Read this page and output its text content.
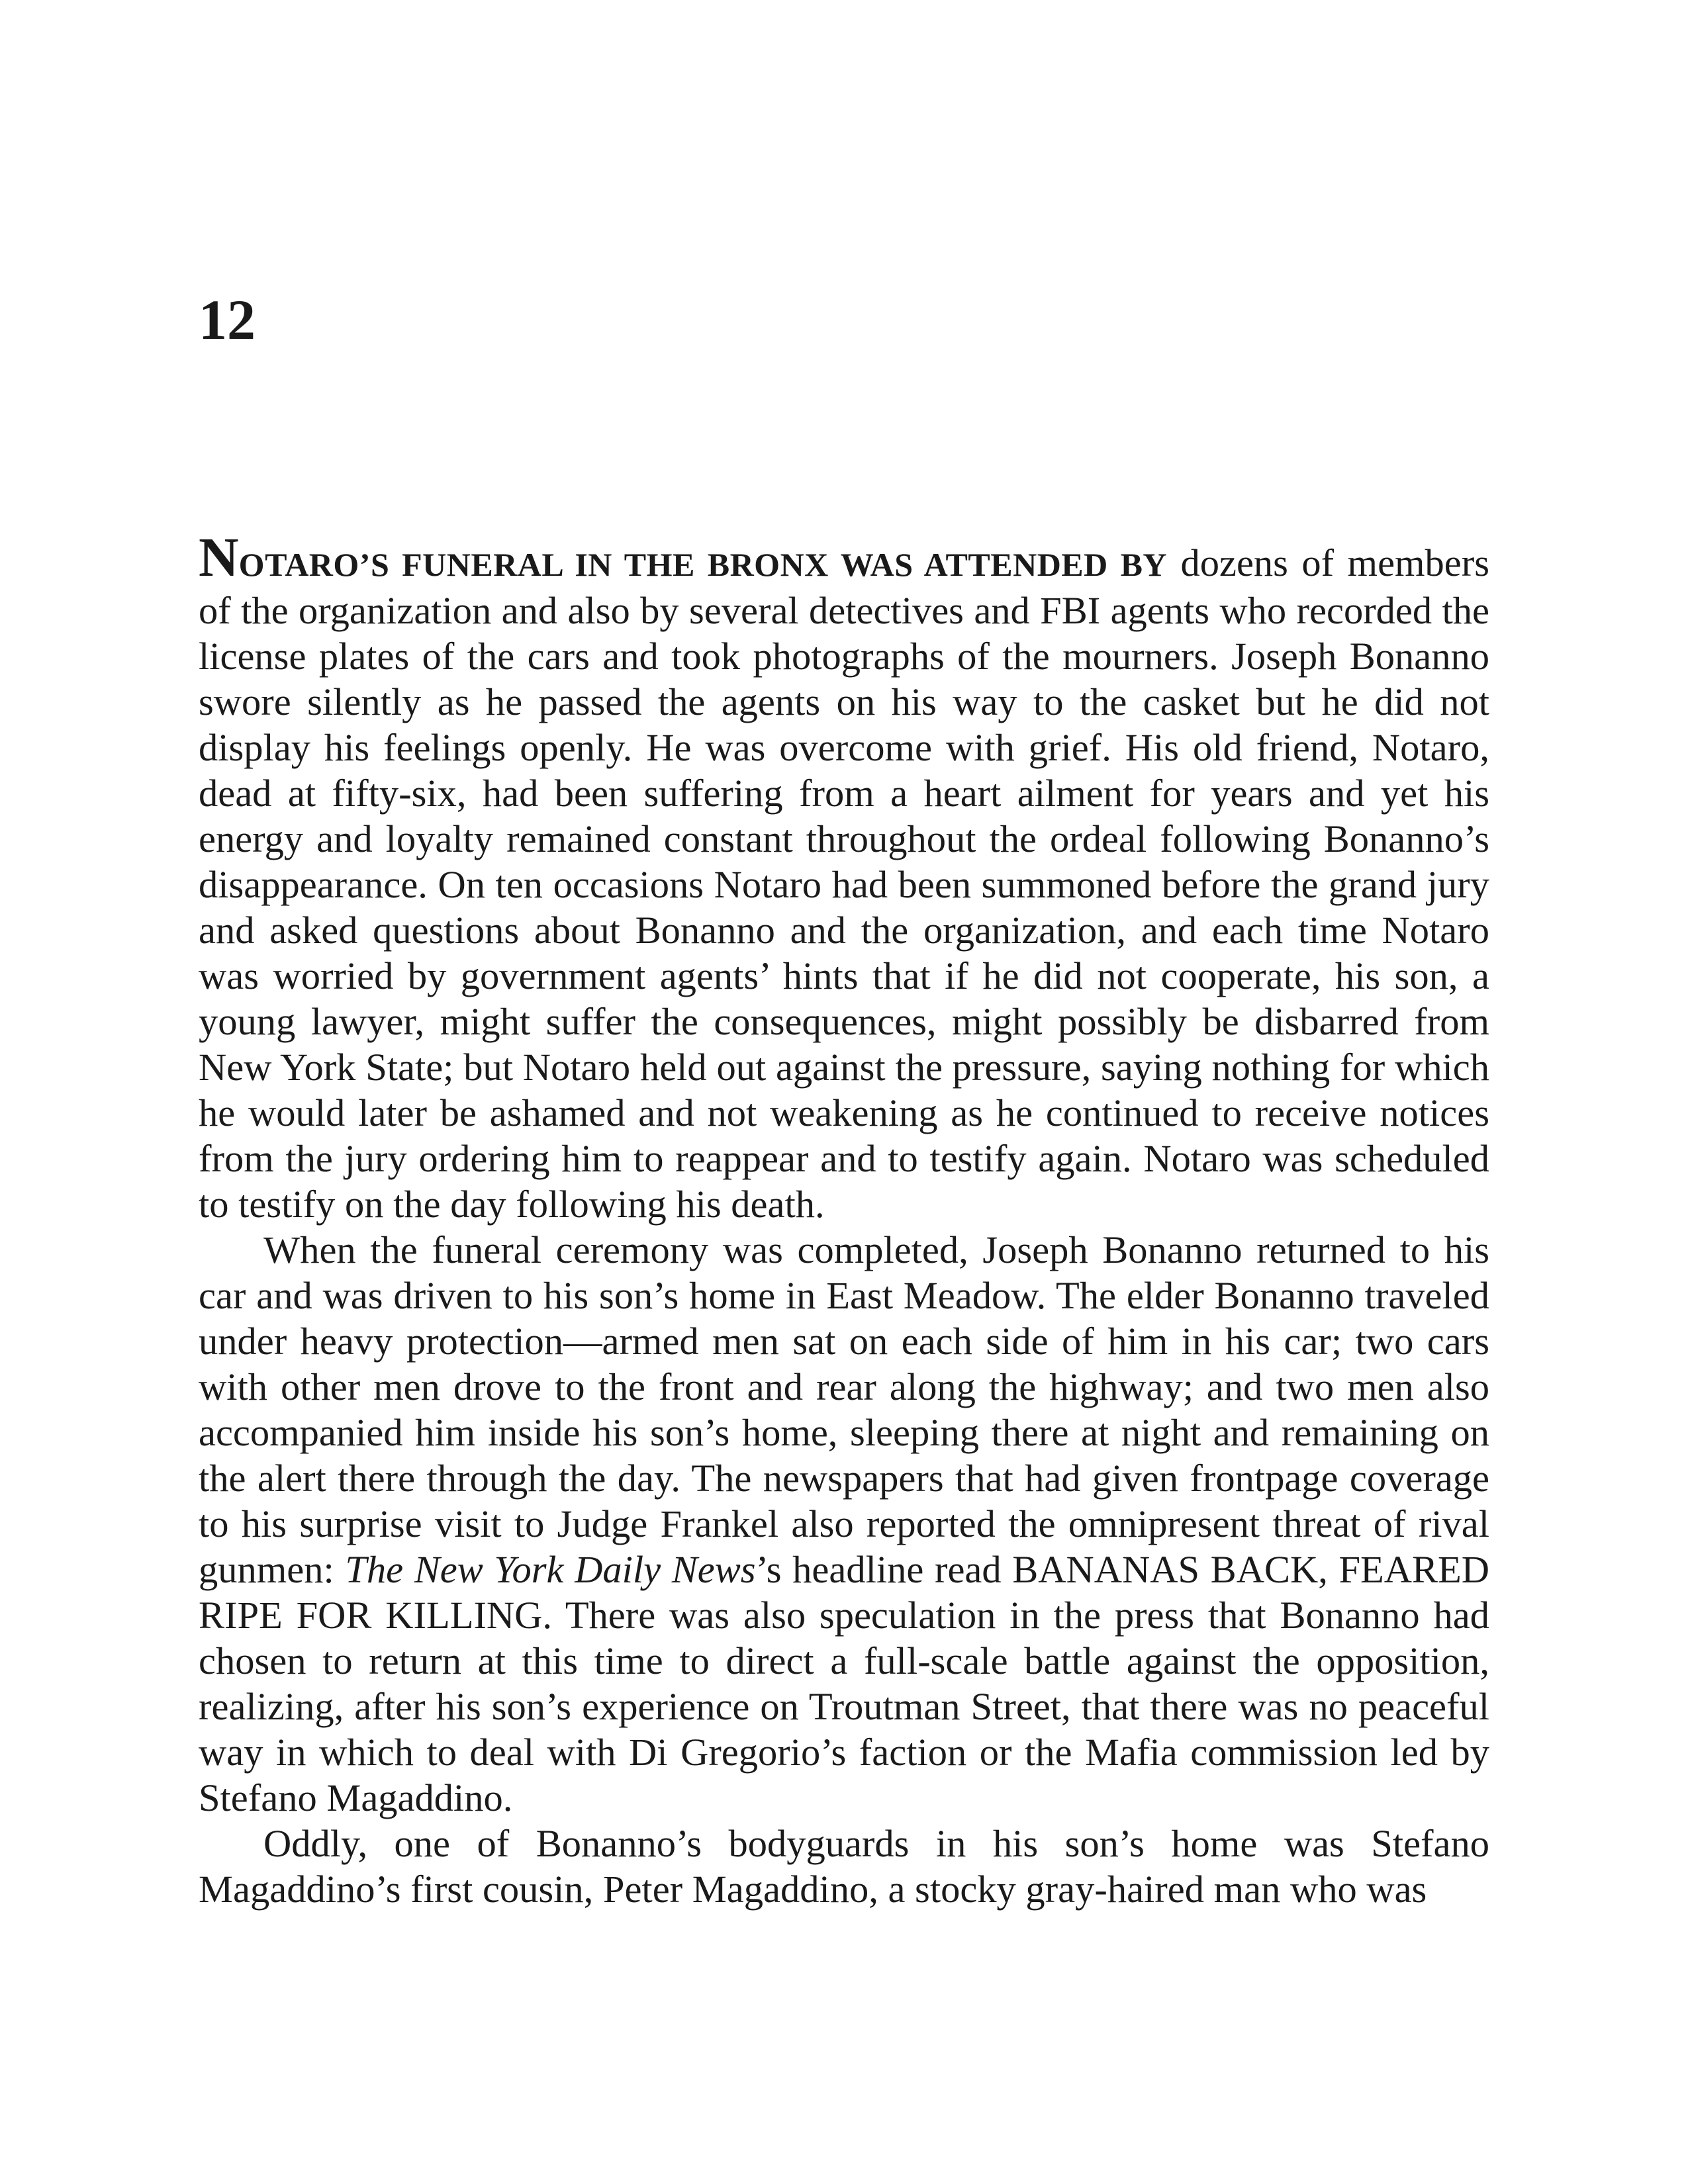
12

NOTARO’S FUNERAL IN THE BRONX WAS ATTENDED BY dozens of members of the organization and also by several detectives and FBI agents who recorded the license plates of the cars and took photographs of the mourners. Joseph Bonanno swore silently as he passed the agents on his way to the casket but he did not display his feelings openly. He was overcome with grief. His old friend, Notaro, dead at fifty-six, had been suffering from a heart ailment for years and yet his energy and loyalty remained constant throughout the ordeal following Bonanno’s disappearance. On ten occasions Notaro had been summoned before the grand jury and asked questions about Bonanno and the organization, and each time Notaro was worried by government agents’ hints that if he did not cooperate, his son, a young lawyer, might suffer the consequences, might possibly be disbarred from New York State; but Notaro held out against the pressure, saying nothing for which he would later be ashamed and not weakening as he continued to receive notices from the jury ordering him to reappear and to testify again. Notaro was scheduled to testify on the day following his death.

When the funeral ceremony was completed, Joseph Bonanno returned to his car and was driven to his son’s home in East Meadow. The elder Bonanno traveled under heavy protection—armed men sat on each side of him in his car; two cars with other men drove to the front and rear along the highway; and two men also accompanied him inside his son’s home, sleeping there at night and remaining on the alert there through the day. The newspapers that had given frontpage coverage to his surprise visit to Judge Frankel also reported the omnipresent threat of rival gunmen: The New York Daily News’s headline read BANANAS BACK, FEARED RIPE FOR KILLING. There was also speculation in the press that Bonanno had chosen to return at this time to direct a full-scale battle against the opposition, realizing, after his son’s experience on Troutman Street, that there was no peaceful way in which to deal with Di Gregorio’s faction or the Mafia commission led by Stefano Magaddino.

Oddly, one of Bonanno’s bodyguards in his son’s home was Stefano Magaddino’s first cousin, Peter Magaddino, a stocky gray-haired man who was
